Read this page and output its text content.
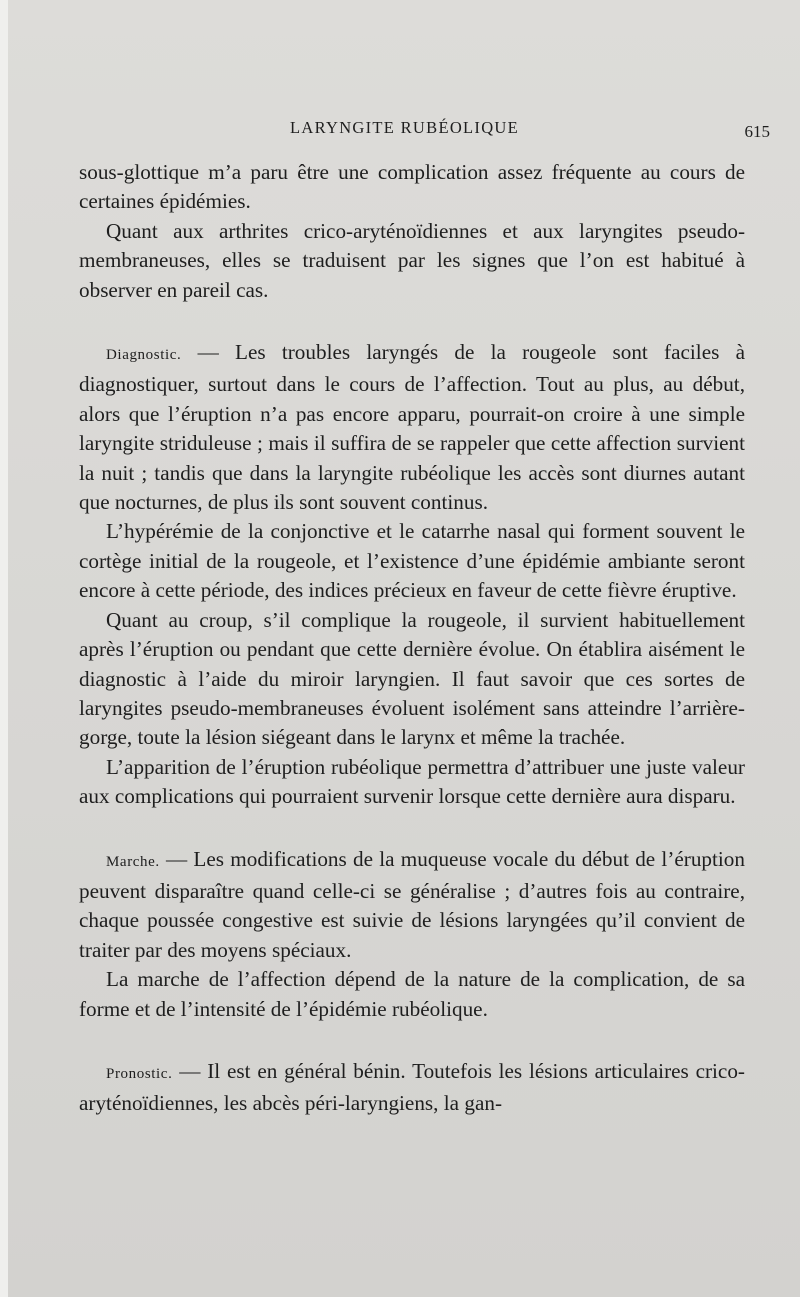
LARYNGITE RUBÉOLIQUE	615

sous-glottique m’a paru être une complication assez fréquente au cours de certaines épidémies.

Quant aux arthrites crico-aryténoïdiennes et aux laryngites pseudo-membraneuses, elles se traduisent par les signes que l’on est habitué à observer en pareil cas.

Diagnostic. — Les troubles laryngés de la rougeole sont faciles à diagnostiquer, surtout dans le cours de l’affection. Tout au plus, au début, alors que l’éruption n’a pas encore apparu, pourrait-on croire à une simple laryngite striduleuse ; mais il suffira de se rappeler que cette affection survient la nuit ; tandis que dans la laryngite rubéolique les accès sont diurnes autant que nocturnes, de plus ils sont souvent continus.

L’hypérémie de la conjonctive et le catarrhe nasal qui forment souvent le cortège initial de la rougeole, et l’existence d’une épidémie ambiante seront encore à cette période, des indices précieux en faveur de cette fièvre éruptive.

Quant au croup, s’il complique la rougeole, il survient habituellement après l’éruption ou pendant que cette dernière évolue. On établira aisément le diagnostic à l’aide du miroir laryngien. Il faut savoir que ces sortes de laryngites pseudo-membraneuses évoluent isolément sans atteindre l’arrière-gorge, toute la lésion siégeant dans le larynx et même la trachée.

L’apparition de l’éruption rubéolique permettra d’attribuer une juste valeur aux complications qui pourraient survenir lorsque cette dernière aura disparu.

Marche. — Les modifications de la muqueuse vocale du début de l’éruption peuvent disparaître quand celle-ci se généralise ; d’autres fois au contraire, chaque poussée congestive est suivie de lésions laryngées qu’il convient de traiter par des moyens spéciaux.

La marche de l’affection dépend de la nature de la complication, de sa forme et de l’intensité de l’épidémie rubéolique.

Pronostic. — Il est en général bénin. Toutefois les lésions articulaires crico-aryténoïdiennes, les abcès péri-laryngiens, la gan-
